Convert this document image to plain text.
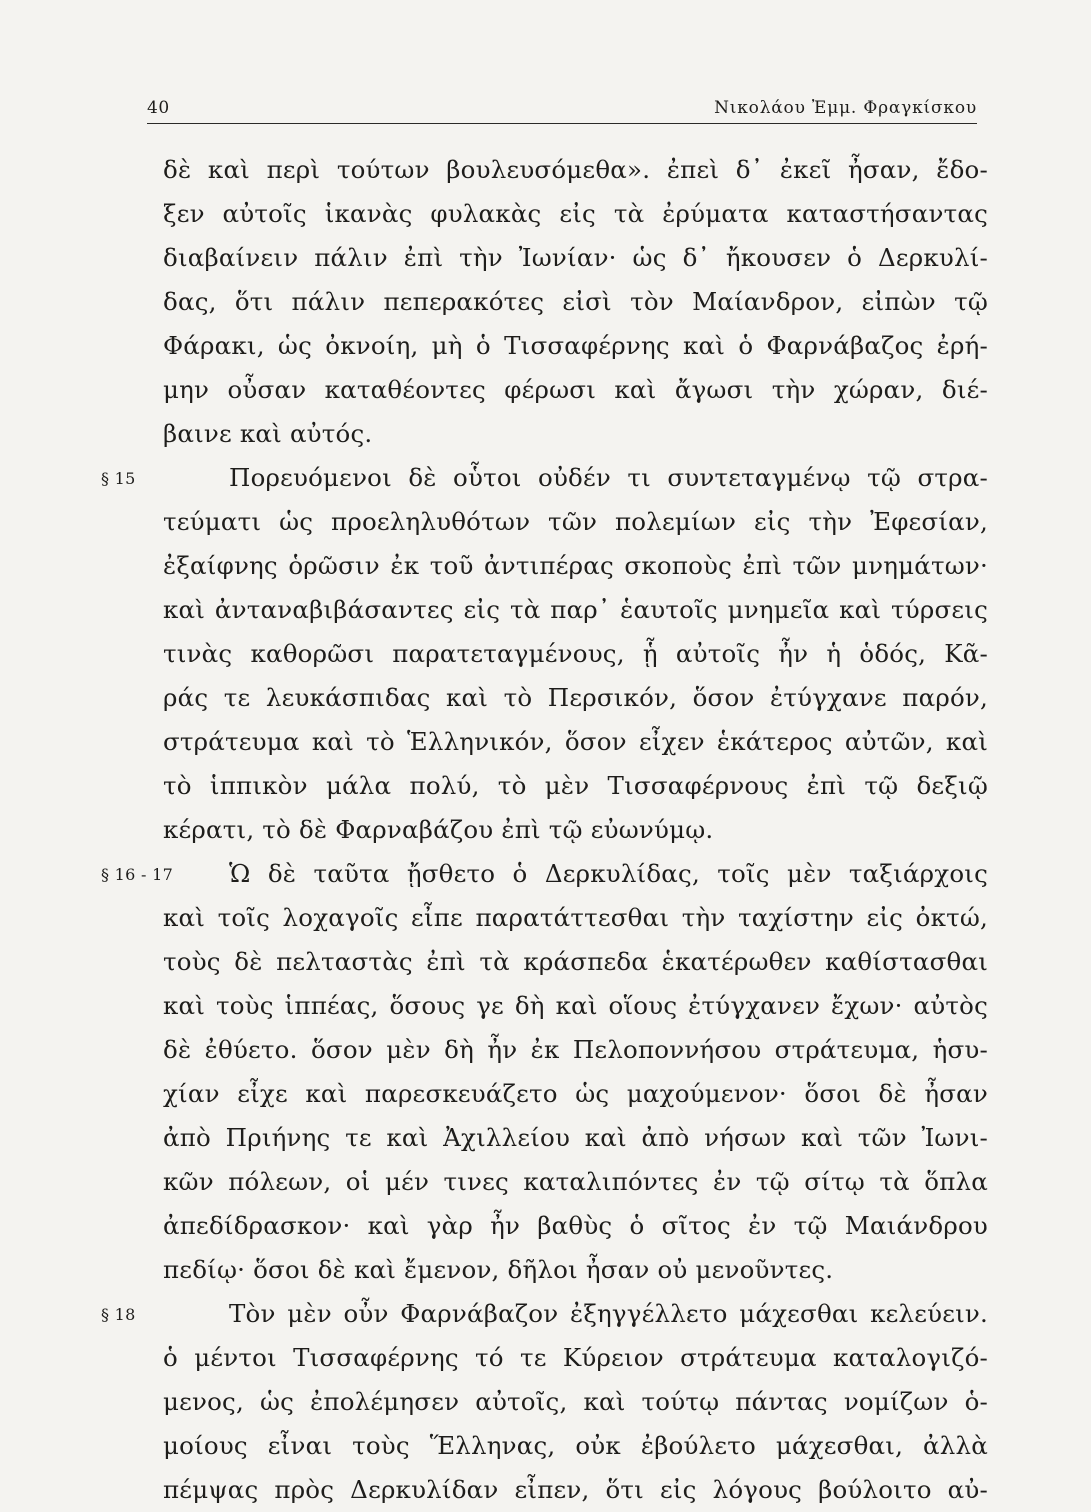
40	Νικολάου Ἐμμ. Φραγκίσκου
δὲ καὶ περὶ τούτων βουλευσόμεθα». ἐπεὶ δ᾿ ἐκεῖ ἦσαν, ἔδο-
ξεν αὐτοῖς ἱκανὰς φυλακὰς εἰς τὰ ἐρύματα καταστήσαντας
διαβαίνειν πάλιν ἐπὶ τὴν Ἰωνίαν· ὡς δ᾿ ἤκουσεν ὁ Δερκυλί-
δας, ὅτι πάλιν πεπερακότες εἰσὶ τὸν Μαίανδρον, εἰπὼν τῷ
Φάρακι, ὡς ὀκνοίη, μὴ ὁ Τισσαφέρνης καὶ ὁ Φαρνάβαζος ἐρή-
μην οὖσαν καταθέοντες φέρωσι καὶ ἄγωσι τὴν χώραν, διέ-
βαινε καὶ αὐτός.
§ 15	Πορευόμενοι δὲ οὗτοι οὐδέν τι συντεταγμένῳ τῷ στρα-
τεύματι ὡς προεληλυθότων τῶν πολεμίων εἰς τὴν Ἐφεσίαν,
ἐξαίφνης ὁρῶσιν ἐκ τοῦ ἀντιπέρας σκοποὺς ἐπὶ τῶν μνημάτων·
καὶ ἀνταναβιβάσαντες εἰς τὰ παρ᾿ ἑαυτοῖς μνημεῖα καὶ τύρσεις
τινὰς καθορῶσι παρατεταγμένους, ᾗ αὐτοῖς ἦν ἡ ὁδός, Κᾶ-
ράς τε λευκάσπιδας καὶ τὸ Περσικόν, ὅσον ἐτύγχανε παρόν,
στράτευμα καὶ τὸ Ἑλληνικόν, ὅσον εἶχεν ἑκάτερος αὐτῶν, καὶ
τὸ ἱππικὸν μάλα πολύ, τὸ μὲν Τισσαφέρνους ἐπὶ τῷ δεξιῷ
κέρατι, τὸ δὲ Φαρναβάζου ἐπὶ τῷ εὐωνύμῳ.
§ 16 - 17 Ὡ δὲ ταῦτα ᾔσθετο ὁ Δερκυλίδας, τοῖς μὲν ταξιάρχοις
καὶ τοῖς λοχαγοῖς εἶπε παρατάττεσθαι τὴν ταχίστην εἰς ὀκτώ,
τοὺς δὲ πελταστὰς ἐπὶ τὰ κράσπεδα ἑκατέρωθεν καθίστασθαι
καὶ τοὺς ἱππέας, ὅσους γε δὴ καὶ οἵους ἐτύγχανεν ἔχων· αὐτὸς
δὲ ἐθύετο. ὅσον μὲν δὴ ἦν ἐκ Πελοποννήσου στράτευμα, ἡσυ-
χίαν εἶχε καὶ παρεσκευάζετο ὡς μαχούμενον· ὅσοι δὲ ἦσαν
ἀπὸ Πριήνης τε καὶ Ἀχιλλείου καὶ ἀπὸ νήσων καὶ τῶν Ἰωνι-
κῶν πόλεων, οἱ μέν τινες καταλιπόντες ἐν τῷ σίτῳ τὰ ὅπλα
ἀπεδίδρασκον· καὶ γὰρ ἦν βαθὺς ὁ σῖτος ἐν τῷ Μαιάνδρου
πεδίῳ· ὅσοι δὲ καὶ ἔμενον, δῆλοι ἦσαν οὐ μενοῦντες.
§ 18	Τὸν μὲν οὖν Φαρνάβαζον ἐξηγγέλλετο μάχεσθαι κελεύειν.
ὁ μέντοι Τισσαφέρνης τό τε Κύρειον στράτευμα καταλογιζό-
μενος, ὡς ἐπολέμησεν αὐτοῖς, καὶ τούτῳ πάντας νομίζων ὁ-
μοίους εἶναι τοὺς Ἕλληνας, οὐκ ἐβούλετο μάχεσθαι, ἀλλὰ
πέμψας πρὸς Δερκυλίδαν εἶπεν, ὅτι εἰς λόγους βούλοιτο αὐ-
